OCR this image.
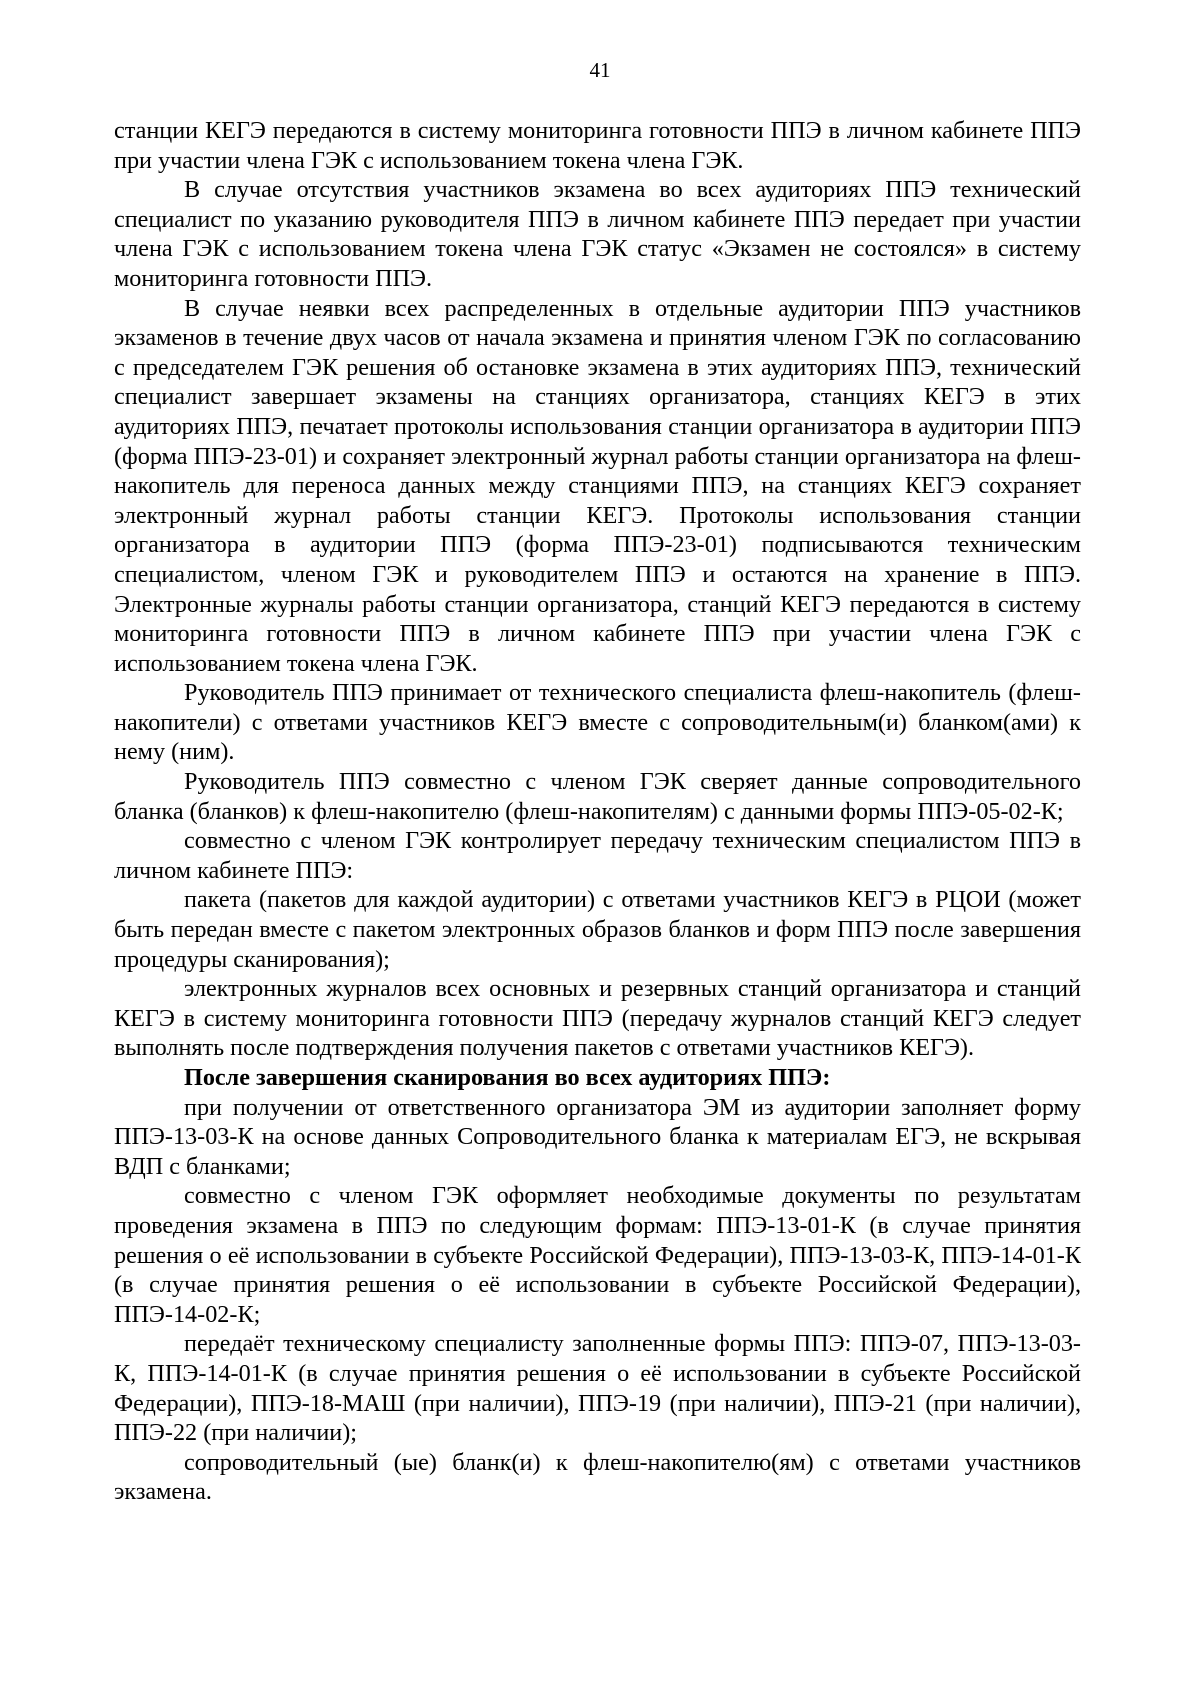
41

станции КЕГЭ передаются в систему мониторинга готовности ППЭ в личном кабинете ППЭ при участии члена ГЭК с использованием токена члена ГЭК.

В случае отсутствия участников экзамена во всех аудиториях ППЭ технический специалист по указанию руководителя ППЭ в личном кабинете ППЭ передает при участии члена ГЭК с использованием токена члена ГЭК статус «Экзамен не состоялся» в систему мониторинга готовности ППЭ.

В случае неявки всех распределенных в отдельные аудитории ППЭ участников экзаменов в течение двух часов от начала экзамена и принятия членом ГЭК по согласованию с председателем ГЭК решения об остановке экзамена в этих аудиториях ППЭ, технический специалист завершает экзамены на станциях организатора, станциях КЕГЭ в этих аудиториях ППЭ, печатает протоколы использования станции организатора в аудитории ППЭ (форма ППЭ-23-01) и сохраняет электронный журнал работы станции организатора на флеш-накопитель для переноса данных между станциями ППЭ, на станциях КЕГЭ сохраняет электронный журнал работы станции КЕГЭ. Протоколы использования станции организатора в аудитории ППЭ (форма ППЭ-23-01) подписываются техническим специалистом, членом ГЭК и руководителем ППЭ и остаются на хранение в ППЭ. Электронные журналы работы станции организатора, станций КЕГЭ передаются в систему мониторинга готовности ППЭ в личном кабинете ППЭ при участии члена ГЭК с использованием токена члена ГЭК.

Руководитель ППЭ принимает от технического специалиста флеш-накопитель (флеш-накопители) с ответами участников КЕГЭ вместе с сопроводительным(и) бланком(ами) к нему (ним).

Руководитель ППЭ совместно с членом ГЭК сверяет данные сопроводительного бланка (бланков) к флеш-накопителю (флеш-накопителям) с данными формы ППЭ-05-02-К;

совместно с членом ГЭК контролирует передачу техническим специалистом ППЭ в личном кабинете ППЭ:

пакета (пакетов для каждой аудитории) с ответами участников КЕГЭ в РЦОИ (может быть передан вместе с пакетом электронных образов бланков и форм ППЭ после завершения процедуры сканирования);

электронных журналов всех основных и резервных станций организатора и станций КЕГЭ в систему мониторинга готовности ППЭ (передачу журналов станций КЕГЭ следует выполнять после подтверждения получения пакетов с ответами участников КЕГЭ).

После завершения сканирования во всех аудиториях ППЭ:

при получении от ответственного организатора ЭМ из аудитории заполняет форму ППЭ-13-03-К на основе данных Сопроводительного бланка к материалам ЕГЭ, не вскрывая ВДП с бланками;

совместно с членом ГЭК оформляет необходимые документы по результатам проведения экзамена в ППЭ по следующим формам: ППЭ-13-01-К (в случае принятия решения о её использовании в субъекте Российской Федерации), ППЭ-13-03-К, ППЭ-14-01-К (в случае принятия решения о её использовании в субъекте Российской Федерации), ППЭ-14-02-К;

передаёт техническому специалисту заполненные формы ППЭ: ППЭ-07, ППЭ-13-03-К, ППЭ-14-01-К (в случае принятия решения о её использовании в субъекте Российской Федерации), ППЭ-18-МАШ (при наличии), ППЭ-19 (при наличии), ППЭ-21 (при наличии), ППЭ-22 (при наличии);

сопроводительный (ые) бланк(и) к флеш-накопителю(ям) с ответами участников экзамена.
